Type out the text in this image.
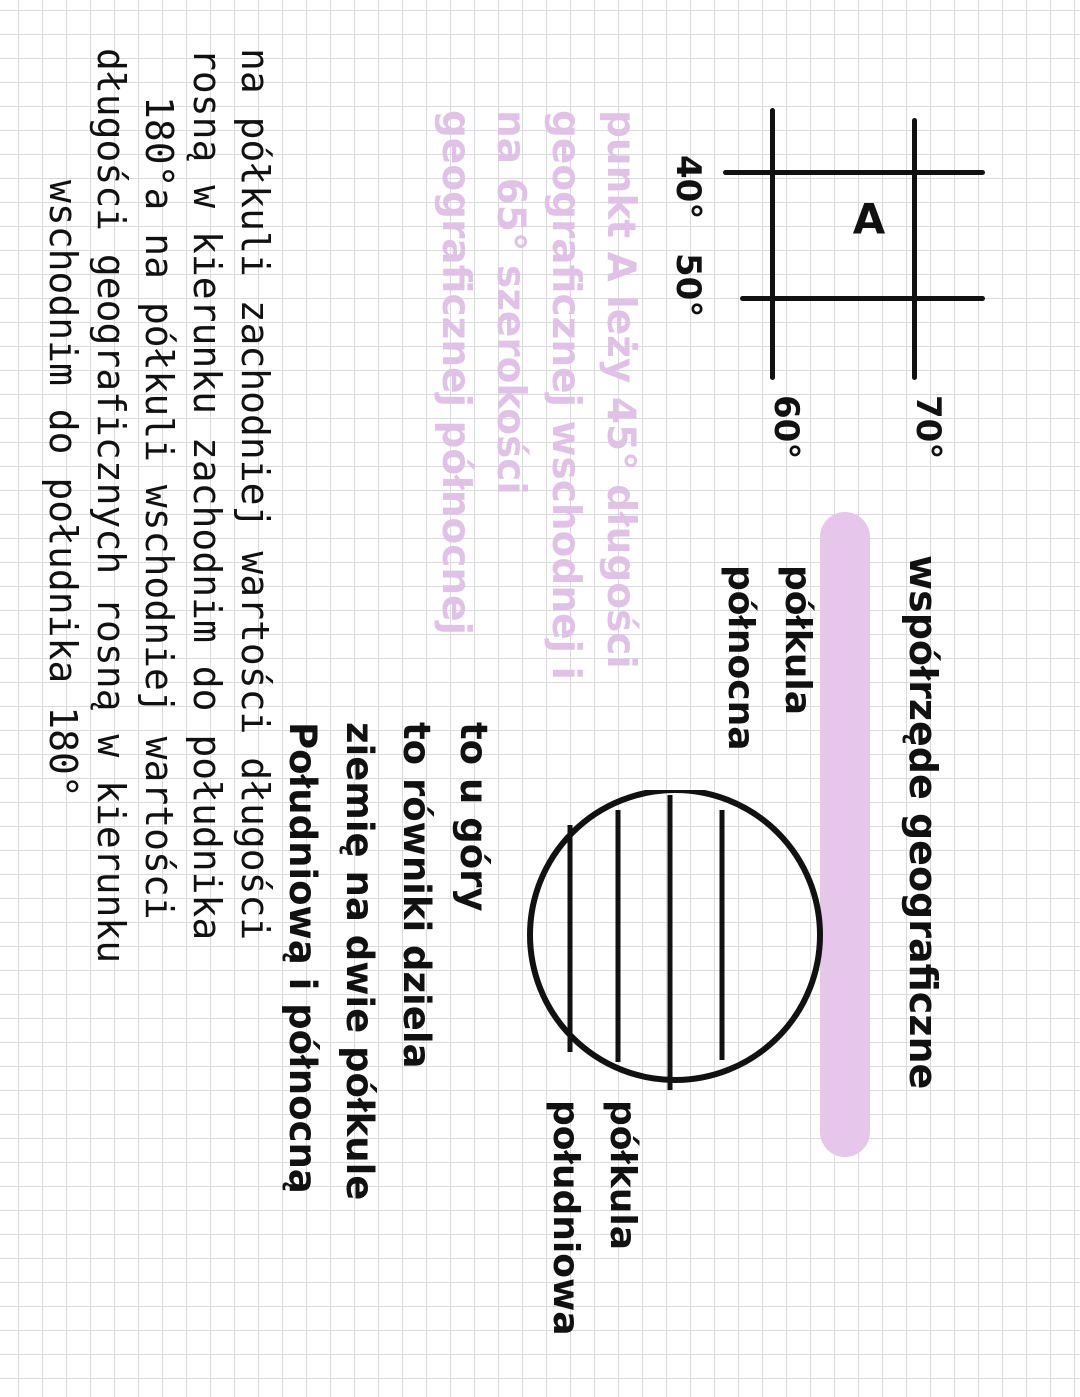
współrzęde geograficzne
A
70°
60°
40°
50°
punkt A leży 45° długości
geograficznej wschodnej i
na 65° szerokości
geograficznej północnej
półkula
północna
półkula
południowa
to u góry
to równiki dziela
ziemię na dwie półkule
Południową i północną
na półkuli zachodniej wartości długości
rosną w kierunku zachodnim do południka
180°a na półkuli wschodniej wartości
długości geograficznych rosną w kierunku
wschodnim do południka 180°
